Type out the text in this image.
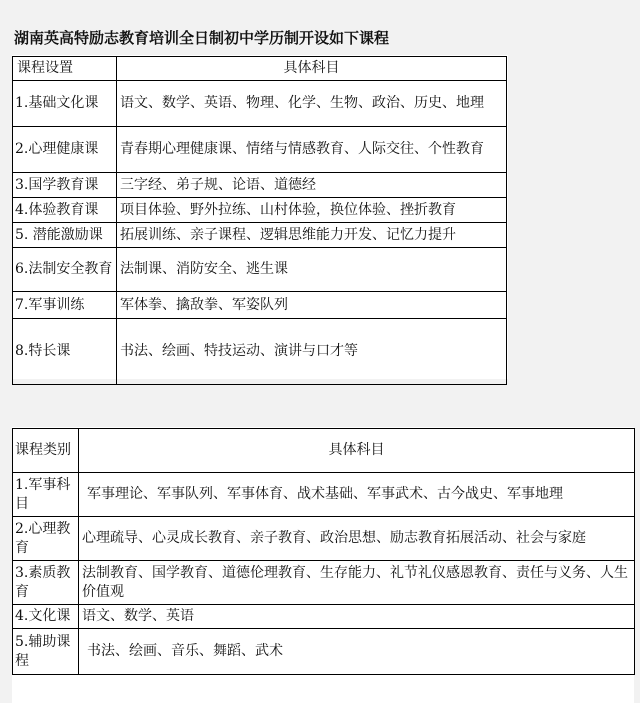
湖南英高特励志教育培训全日制初中学历制开设如下课程
课程设置	具体科目
1.基础文化课	语文、数学、英语、物理、化学、生物、政治、历史、地理
2.心理健康课	青春期心理健康课、情绪与情感教育、人际交往、个性教育
3.国学教育课	三字经、弟子规、论语、道德经
4.体验教育课	项目体验、野外拉练、山村体验，换位体验、挫折教育
5. 潜能激励课	拓展训练、亲子课程、逻辑思维能力开发、记忆力提升
6.法制安全教育	法制课、消防安全、逃生课
7.军事训练	军体拳、擒敌拳、军姿队列
8.特长课	书法、绘画、特技运动、演讲与口才等
课程类别	具体科目
1.军事科目	军事理论、军事队列、军事体育、战术基础、军事武术、古今战史、军事地理
2.心理教育	心理疏导、心灵成长教育、亲子教育、政治思想、励志教育拓展活动、社会与家庭
3.素质教育	法制教育、国学教育、道德伦理教育、生存能力、礼节礼仪感恩教育、责任与义务、人生价值观
4.文化课	语文、数学、英语
5.辅助课程	书法、绘画、音乐、舞蹈、武术
